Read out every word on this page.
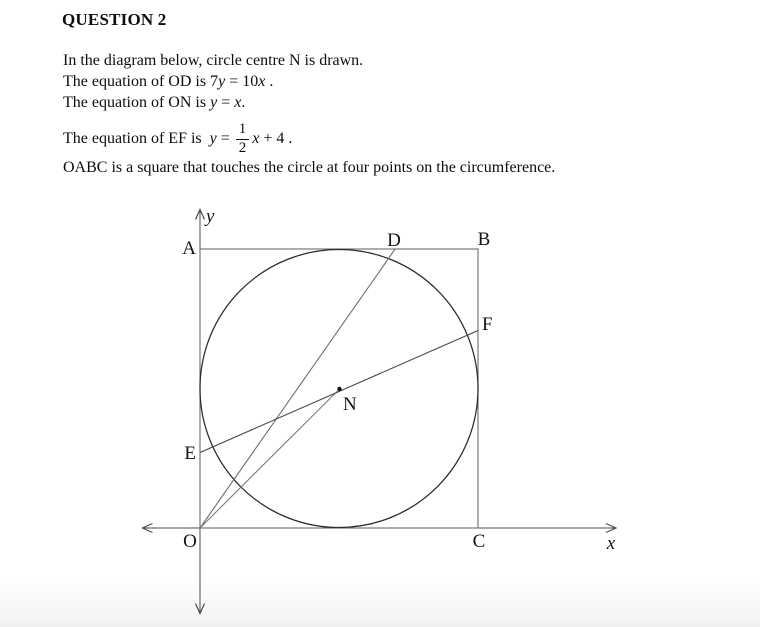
QUESTION 2
In the diagram below, circle centre N is drawn.
The equation of OD is 7y = 10x .
The equation of ON is y = x.
The equation of EF is $y = \frac{1}{2}$ x + 4 .
OABC is a square that touches the circle at four points on the circumference.
A	B
D
E
F
N
O	C	x
y
